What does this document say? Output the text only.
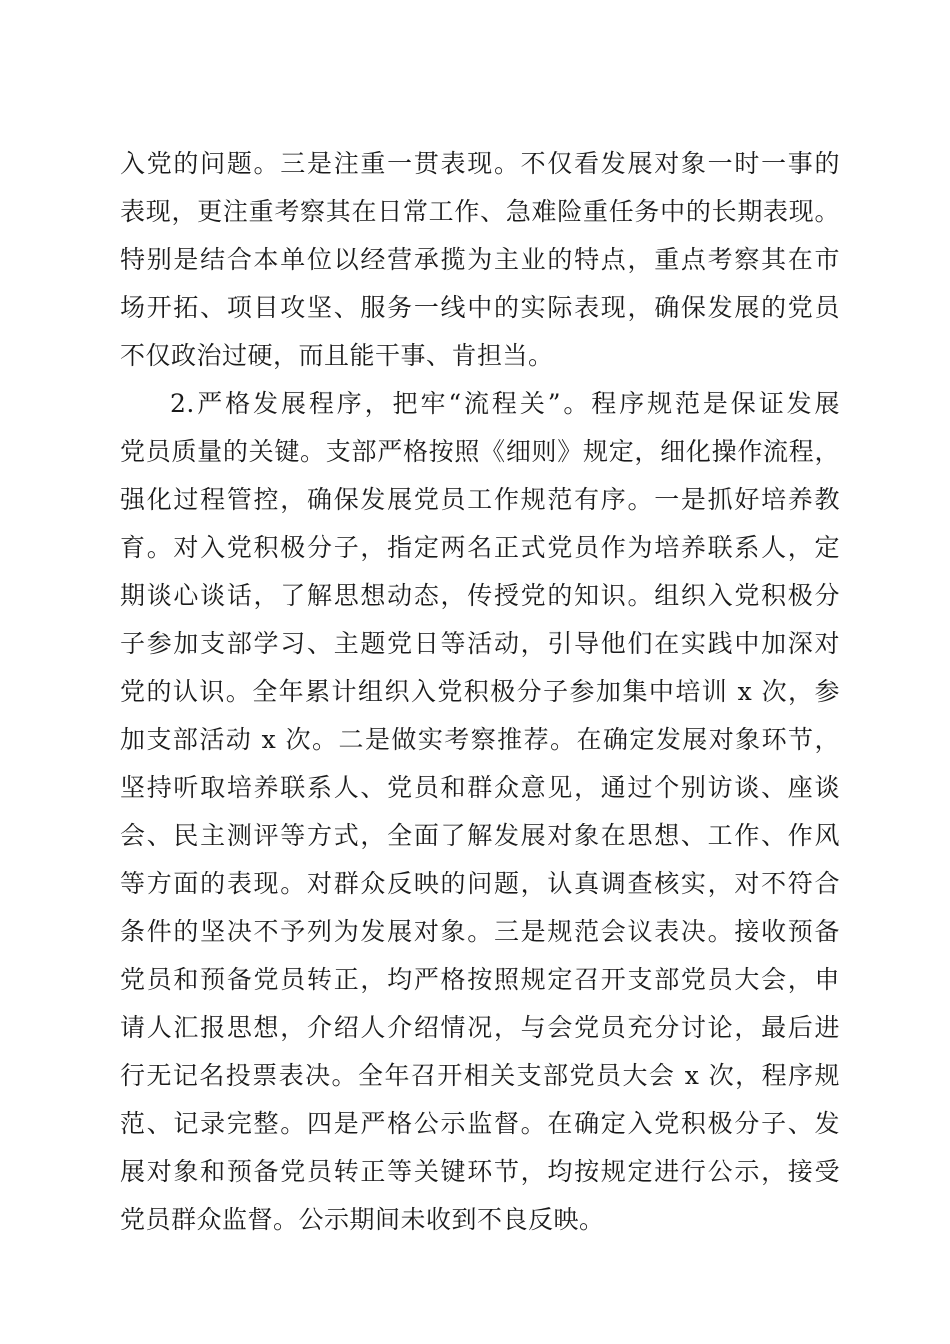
入党的问题。三是注重一贯表现。不仅看发展对象一时一事的
表现，更注重考察其在日常工作、急难险重任务中的长期表现。
特别是结合本单位以经营承揽为主业的特点，重点考察其在市
场开拓、项目攻坚、服务一线中的实际表现，确保发展的党员
不仅政治过硬，而且能干事、肯担当。
2.严格发展程序，把牢“流程关”。程序规范是保证发展
党员质量的关键。支部严格按照《细则》规定，细化操作流程，
强化过程管控，确保发展党员工作规范有序。一是抓好培养教
育。对入党积极分子，指定两名正式党员作为培养联系人，定
期谈心谈话，了解思想动态，传授党的知识。组织入党积极分
子参加支部学习、主题党日等活动，引导他们在实践中加深对
党的认识。全年累计组织入党积极分子参加集中培训 x 次，参
加支部活动 x 次。二是做实考察推荐。在确定发展对象环节，
坚持听取培养联系人、党员和群众意见，通过个别访谈、座谈
会、民主测评等方式，全面了解发展对象在思想、工作、作风
等方面的表现。对群众反映的问题，认真调查核实，对不符合
条件的坚决不予列为发展对象。三是规范会议表决。接收预备
党员和预备党员转正，均严格按照规定召开支部党员大会，申
请人汇报思想，介绍人介绍情况，与会党员充分讨论，最后进
行无记名投票表决。全年召开相关支部党员大会 x 次，程序规
范、记录完整。四是严格公示监督。在确定入党积极分子、发
展对象和预备党员转正等关键环节，均按规定进行公示，接受
党员群众监督。公示期间未收到不良反映。
